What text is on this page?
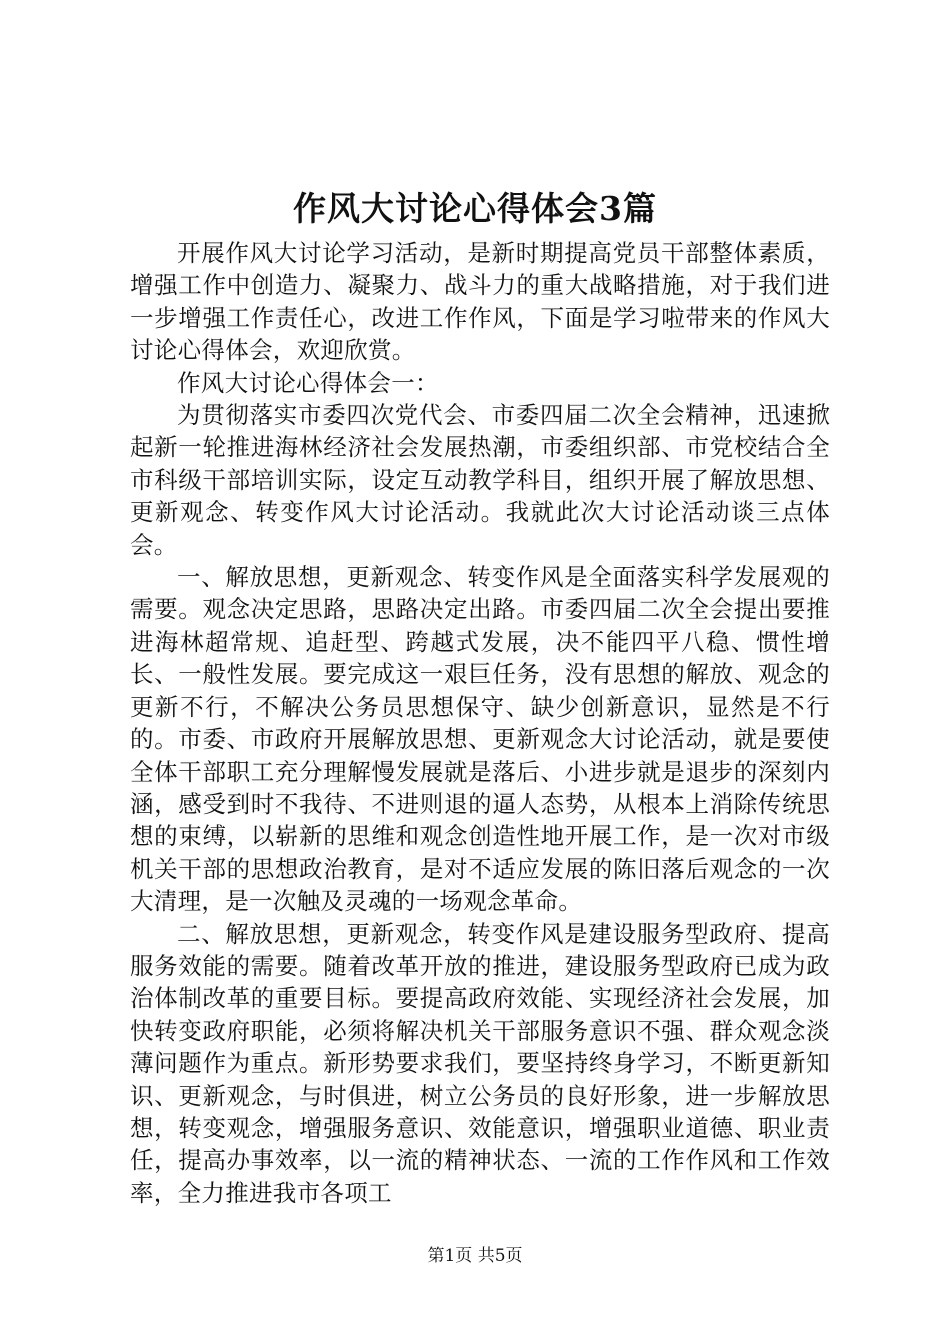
作风大讨论心得体会3篇

开展作风大讨论学习活动，是新时期提高党员干部整体素质，增强工作中创造力、凝聚力、战斗力的重大战略措施，对于我们进一步增强工作责任心，改进工作作风，下面是学习啦带来的作风大讨论心得体会，欢迎欣赏。

作风大讨论心得体会一：

为贯彻落实市委四次党代会、市委四届二次全会精神，迅速掀起新一轮推进海林经济社会发展热潮，市委组织部、市党校结合全市科级干部培训实际，设定互动教学科目，组织开展了解放思想、更新观念、转变作风大讨论活动。我就此次大讨论活动谈三点体会。

一、解放思想，更新观念、转变作风是全面落实科学发展观的需要。观念决定思路，思路决定出路。市委四届二次全会提出要推进海林超常规、追赶型、跨越式发展，决不能四平八稳、惯性增长、一般性发展。要完成这一艰巨任务，没有思想的解放、观念的更新不行，不解决公务员思想保守、缺少创新意识，显然是不行的。市委、市政府开展解放思想、更新观念大讨论活动，就是要使全体干部职工充分理解慢发展就是落后、小进步就是退步的深刻内涵，感受到时不我待、不进则退的逼人态势，从根本上消除传统思想的束缚，以崭新的思维和观念创造性地开展工作，是一次对市级机关干部的思想政治教育，是对不适应发展的陈旧落后观念的一次大清理，是一次触及灵魂的一场观念革命。

二、解放思想，更新观念，转变作风是建设服务型政府、提高服务效能的需要。随着改革开放的推进，建设服务型政府已成为政治体制改革的重要目标。要提高政府效能、实现经济社会发展，加快转变政府职能，必须将解决机关干部服务意识不强、群众观念淡薄问题作为重点。新形势要求我们，要坚持终身学习，不断更新知识、更新观念，与时俱进，树立公务员的良好形象，进一步解放思想，转变观念，增强服务意识、效能意识，增强职业道德、职业责任，提高办事效率，以一流的精神状态、一流的工作作风和工作效率，全力推进我市各项工

第1页 共5页
